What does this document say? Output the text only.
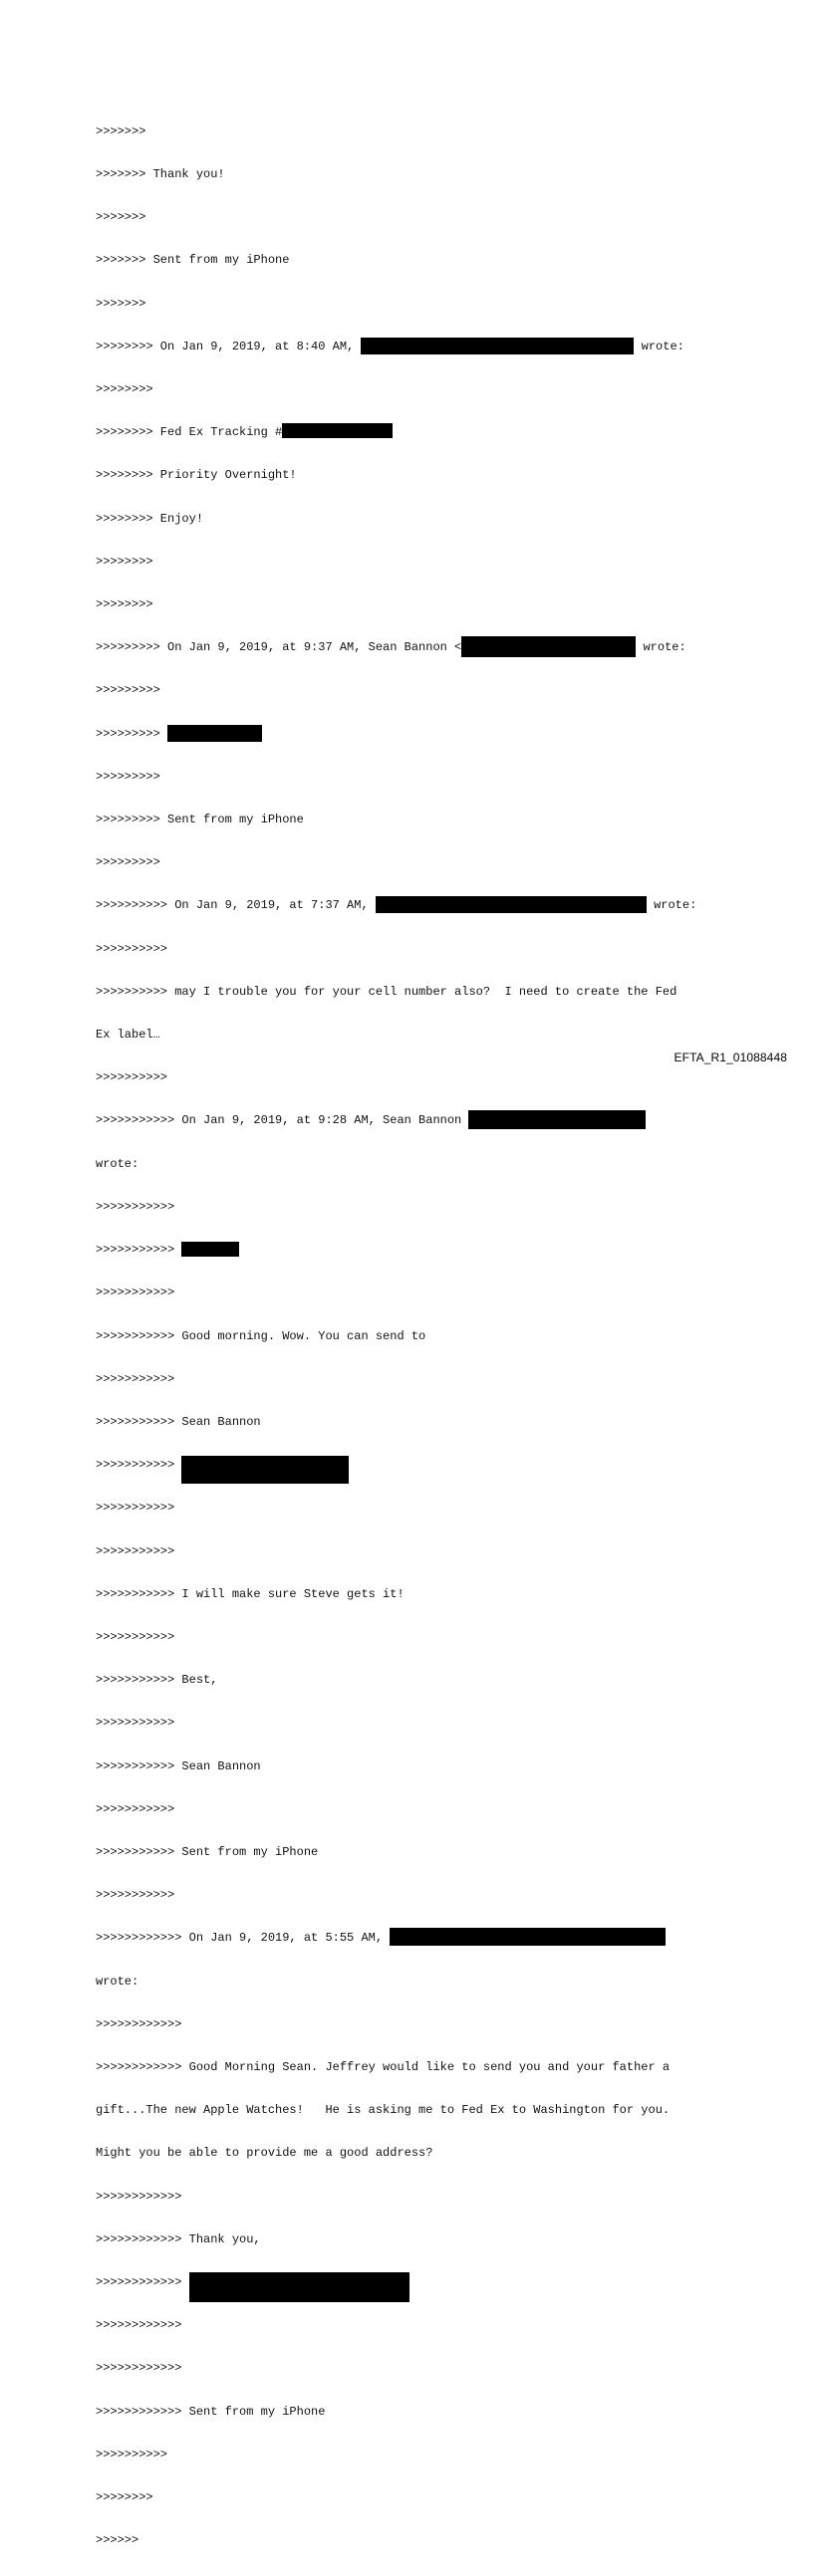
>>>>>>>

>>>>>>> Thank you!

>>>>>>>

>>>>>>> Sent from my iPhone

>>>>>>>

>>>>>>>> On Jan 9, 2019, at 8:40 AM,	wrote:

>>>>>>>>

>>>>>>>> Fed Ex Tracking #

>>>>>>>> Priority Overnight!

>>>>>>>> Enjoy!

>>>>>>>>

>>>>>>>>

>>>>>>>>> On Jan 9, 2019, at 9:37 AM, Sean Bannon <	wrote:

>>>>>>>>>

>>>>>>>>>

>>>>>>>>>

>>>>>>>>> Sent from my iPhone

>>>>>>>>>

>>>>>>>>>> On Jan 9, 2019, at 7:37 AM,	wrote:

>>>>>>>>>>

>>>>>>>>>> may I trouble you for your cell number also?  I need to create the Fed

Ex label…

>>>>>>>>>>

>>>>>>>>>>> On Jan 9, 2019, at 9:28 AM, Sean Bannon

wrote:

>>>>>>>>>>>

>>>>>>>>>>>

>>>>>>>>>>>

>>>>>>>>>>> Good morning. Wow. You can send to

>>>>>>>>>>>

>>>>>>>>>>> Sean Bannon

>>>>>>>>>>>

>>>>>>>>>>>

>>>>>>>>>>>

>>>>>>>>>>> I will make sure Steve gets it!

>>>>>>>>>>>

>>>>>>>>>>> Best,

>>>>>>>>>>>

>>>>>>>>>>> Sean Bannon

>>>>>>>>>>>

>>>>>>>>>>> Sent from my iPhone

>>>>>>>>>>>

>>>>>>>>>>>> On Jan 9, 2019, at 5:55 AM,

wrote:

>>>>>>>>>>>>

>>>>>>>>>>>> Good Morning Sean. Jeffrey would like to send you and your father a

gift...The new Apple Watches!   He is asking me to Fed Ex to Washington for you.

Might you be able to provide me a good address?

>>>>>>>>>>>>

>>>>>>>>>>>> Thank you,

>>>>>>>>>>>>

>>>>>>>>>>>>

>>>>>>>>>>>>

>>>>>>>>>>>> Sent from my iPhone

>>>>>>>>>>

>>>>>>>>

>>>>>>

EFTA_R1_01088448
